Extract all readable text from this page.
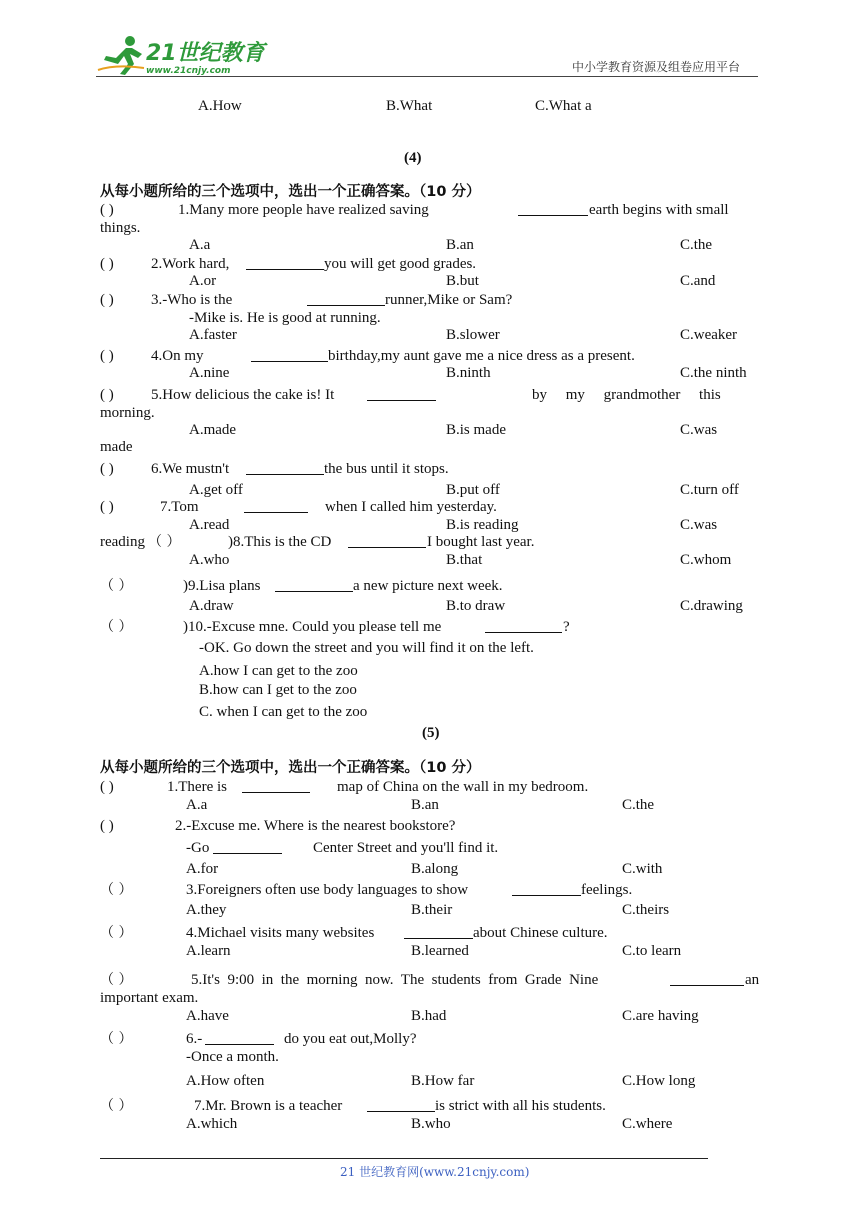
21世纪教育
www.21cnjy.com	中小学教育资源及组卷应用平台
A.How	B.What	C.What a
(4)
从每小题所给的三个选项中，选出一个正确答案。（10 分）
( )	1.Many more people have realized saving	earth begins with small
things.
A.a	B.an	C.the
( ) 2.Work hard,	you will get good grades.
A.or	B.but	C.and
( ) 3.-Who is the	runner,Mike or Sam?
-Mike is. He is good at running.
A.faster	B.slower	C.weaker
( ) 4.On my	birthday,my aunt gave me a nice dress as a present.
A.nine	B.ninth	C.the ninth
( ) 5.How delicious the cake is! It	by     my     grandmother     this
morning.
A.made	B.is made	C.was
made
( ) 6.We mustn't	the bus until it stops.
A.get off	B.put off	C.turn off
( )	7.Tom	when I called him yesterday.
A.read	B.is reading	C.was
reading （ ）	)8.This is the CD	I bought last year.
A.who	B.that	C.whom
（ ）	)9.Lisa plans	a new picture next week.
A.draw	B.to draw	C.drawing
（ ）	)10.-Excuse mne. Could you please tell me	?
-OK. Go down the street and you will find it on the left.
A.how I can get to the zoo
B.how can I get to the zoo
C. when I can get to the zoo
(5)
从每小题所给的三个选项中，选出一个正确答案。（10 分）
( )	1.There is	map of China on the wall in my bedroom.
A.a	B.an	C.the
( )	2.-Excuse me. Where is the nearest bookstore?
-Go	Center Street and you'll find it.
A.for	B.along	C.with
（ ）	3.Foreigners often use body languages to show	feelings.
A.they	B.their	C.theirs
（ ）	4.Michael visits many websites	about Chinese culture.
A.learn	B.learned	C.to learn
（ ）	5.It's  9:00  in  the  morning  now.  The  students  from  Grade  Nine	an
important exam.
A.have	B.had	C.are having
（ ）	6.-	do you eat out,Molly?
-Once a month.
A.How often	B.How far	C.How long
（ ）	7.Mr. Brown is a teacher	is strict with all his students.
A.which	B.who	C.where
21 世纪教育网(www.21cnjy.com)
